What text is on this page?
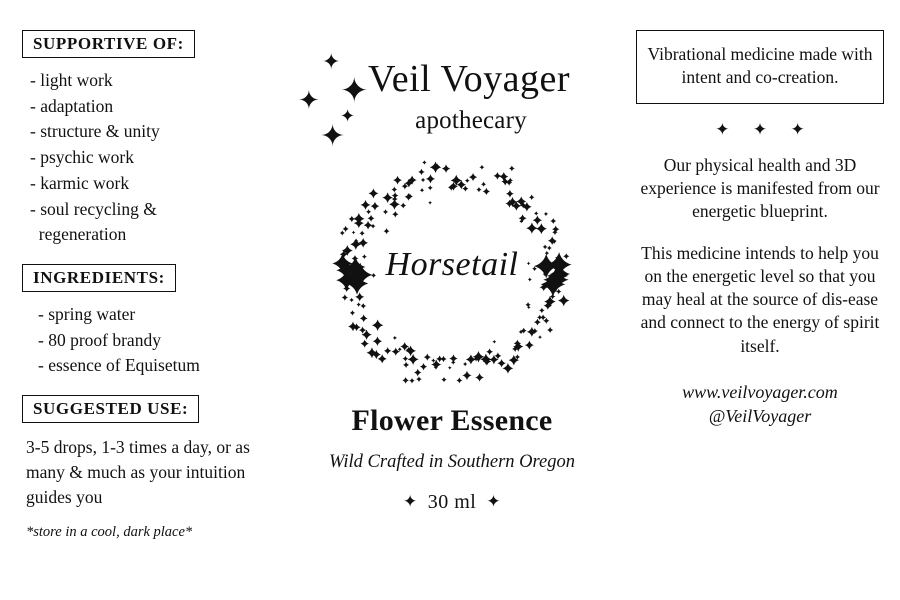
SUPPORTIVE OF:
- light work
- adaptation
- structure & unity
- psychic work
- karmic work
- soul recycling &
regeneration
INGREDIENTS:
- spring water
- 80 proof brandy
- essence of Equisetum
SUGGESTED USE:
3-5 drops, 1-3 times a day, or as many & much as your intuition guides you
*store in a cool, dark place*
✦
✦
✦
✦
✦
Veil Voyager
apothecary
Horsetail
Flower Essence
Wild Crafted in Southern Oregon
✦ 30 ml ✦
Vibrational medicine made with intent and co-creation.
✦ ✦ ✦
Our physical health and 3D experience is manifested from our energetic blueprint.
This medicine intends to help you on the energetic level so that you may heal at the source of dis-ease and connect to the energy of spirit itself.
www.veilvoyager.com
@VeilVoyager
